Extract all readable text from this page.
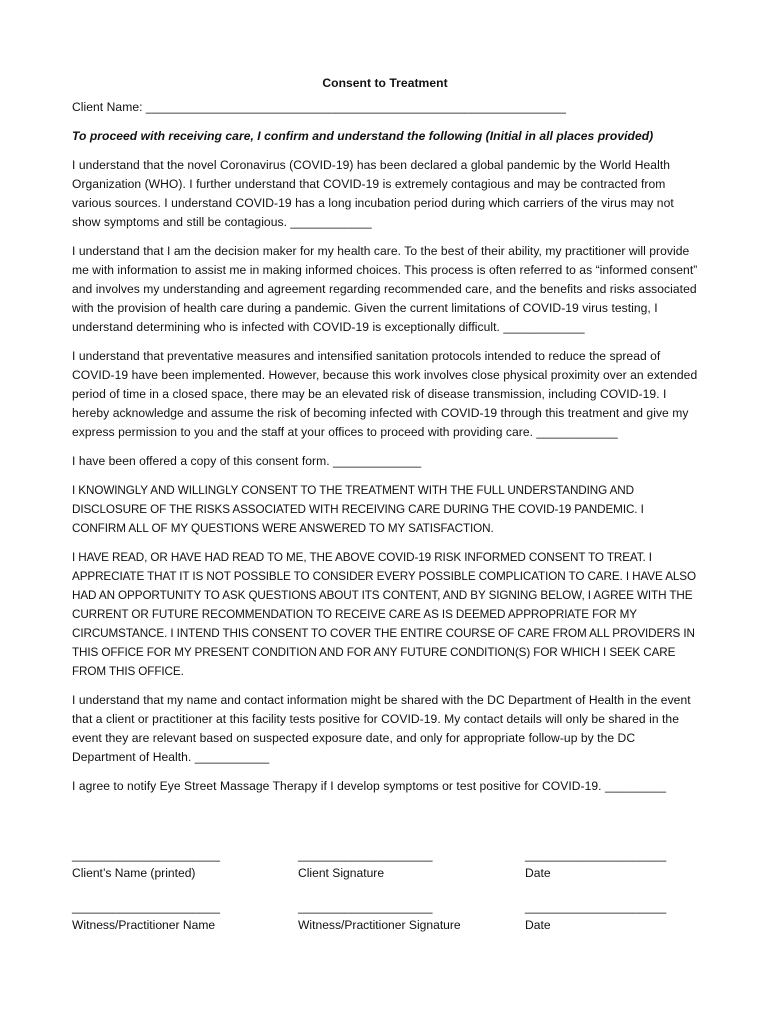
Consent to Treatment
Client Name: ______________________________________________________________
To proceed with receiving care, I confirm and understand the following (Initial in all places provided)
I understand that the novel Coronavirus (COVID-19) has been declared a global pandemic by the World Health Organization (WHO). I further understand that COVID-19 is extremely contagious and may be contracted from various sources. I understand COVID-19 has a long incubation period during which carriers of the virus may not show symptoms and still be contagious. ____________
I understand that I am the decision maker for my health care. To the best of their ability, my practitioner will provide me with information to assist me in making informed choices. This process is often referred to as “informed consent” and involves my understanding and agreement regarding recommended care, and the benefits and risks associated with the provision of health care during a pandemic. Given the current limitations of COVID-19 virus testing, I understand determining who is infected with COVID-19 is exceptionally difficult. ____________
I understand that preventative measures and intensified sanitation protocols intended to reduce the spread of COVID-19 have been implemented. However, because this work involves close physical proximity over an extended period of time in a closed space, there may be an elevated risk of disease transmission, including COVID-19. I hereby acknowledge and assume the risk of becoming infected with COVID-19 through this treatment and give my express permission to you and the staff at your offices to proceed with providing care. ____________
I have been offered a copy of this consent form. _____________
I KNOWINGLY AND WILLINGLY CONSENT TO THE TREATMENT WITH THE FULL UNDERSTANDING AND DISCLOSURE OF THE RISKS ASSOCIATED WITH RECEIVING CARE DURING THE COVID-19 PANDEMIC. I CONFIRM ALL OF MY QUESTIONS WERE ANSWERED TO MY SATISFACTION.
I HAVE READ, OR HAVE HAD READ TO ME, THE ABOVE COVID-19 RISK INFORMED CONSENT TO TREAT. I APPRECIATE THAT IT IS NOT POSSIBLE TO CONSIDER EVERY POSSIBLE COMPLICATION TO CARE. I HAVE ALSO HAD AN OPPORTUNITY TO ASK QUESTIONS ABOUT ITS CONTENT, AND BY SIGNING BELOW, I AGREE WITH THE CURRENT OR FUTURE RECOMMENDATION TO RECEIVE CARE AS IS DEEMED APPROPRIATE FOR MY CIRCUMSTANCE. I INTEND THIS CONSENT TO COVER THE ENTIRE COURSE OF CARE FROM ALL PROVIDERS IN THIS OFFICE FOR MY PRESENT CONDITION AND FOR ANY FUTURE CONDITION(S) FOR WHICH I SEEK CARE FROM THIS OFFICE.
I understand that my name and contact information might be shared with the DC Department of Health in the event that a client or practitioner at this facility tests positive for COVID-19. My contact details will only be shared in the event they are relevant based on suspected exposure date, and only for appropriate follow-up by the DC Department of Health. ___________
I agree to notify Eye Street Massage Therapy if I develop symptoms or test positive for COVID-19. _________
______________________
Client’s Name (printed)
____________________
Client Signature
_____________________
Date
______________________
Witness/Practitioner Name
____________________
Witness/Practitioner Signature
_____________________
Date
